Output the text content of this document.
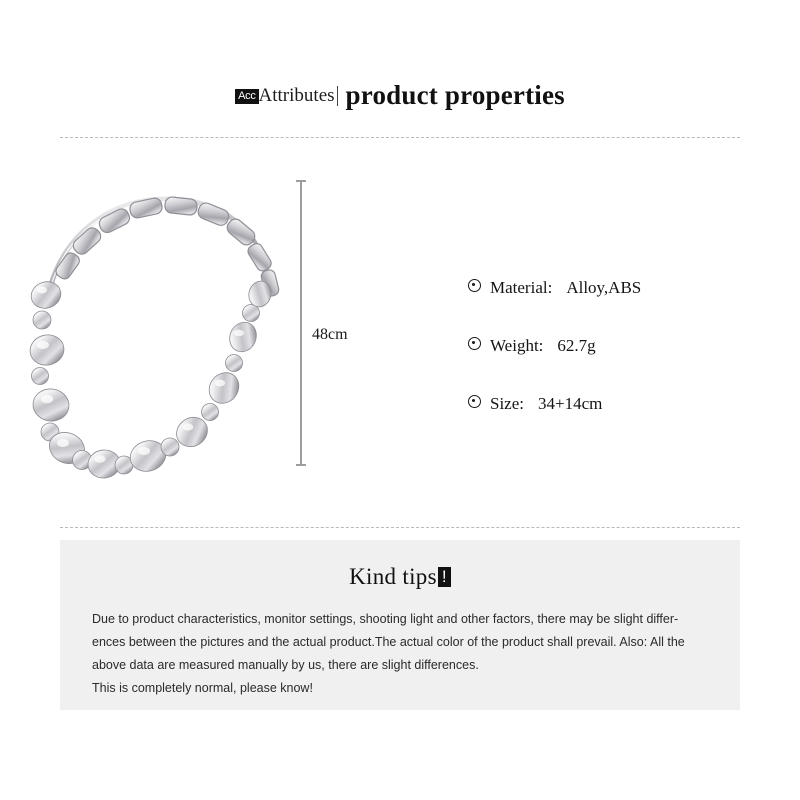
Acc Attributes product properties
48cm
Material: Alloy,ABS
Weight: 62.7g
Size: 34+14cm
Kind tips !

Due to product characteristics, monitor settings, shooting light and other factors, there may be slight differ-

ences between the pictures and the actual product.The actual color of the product shall prevail. Also: All the

above data are measured manually by us, there are slight differences.

This is completely normal, please know!
